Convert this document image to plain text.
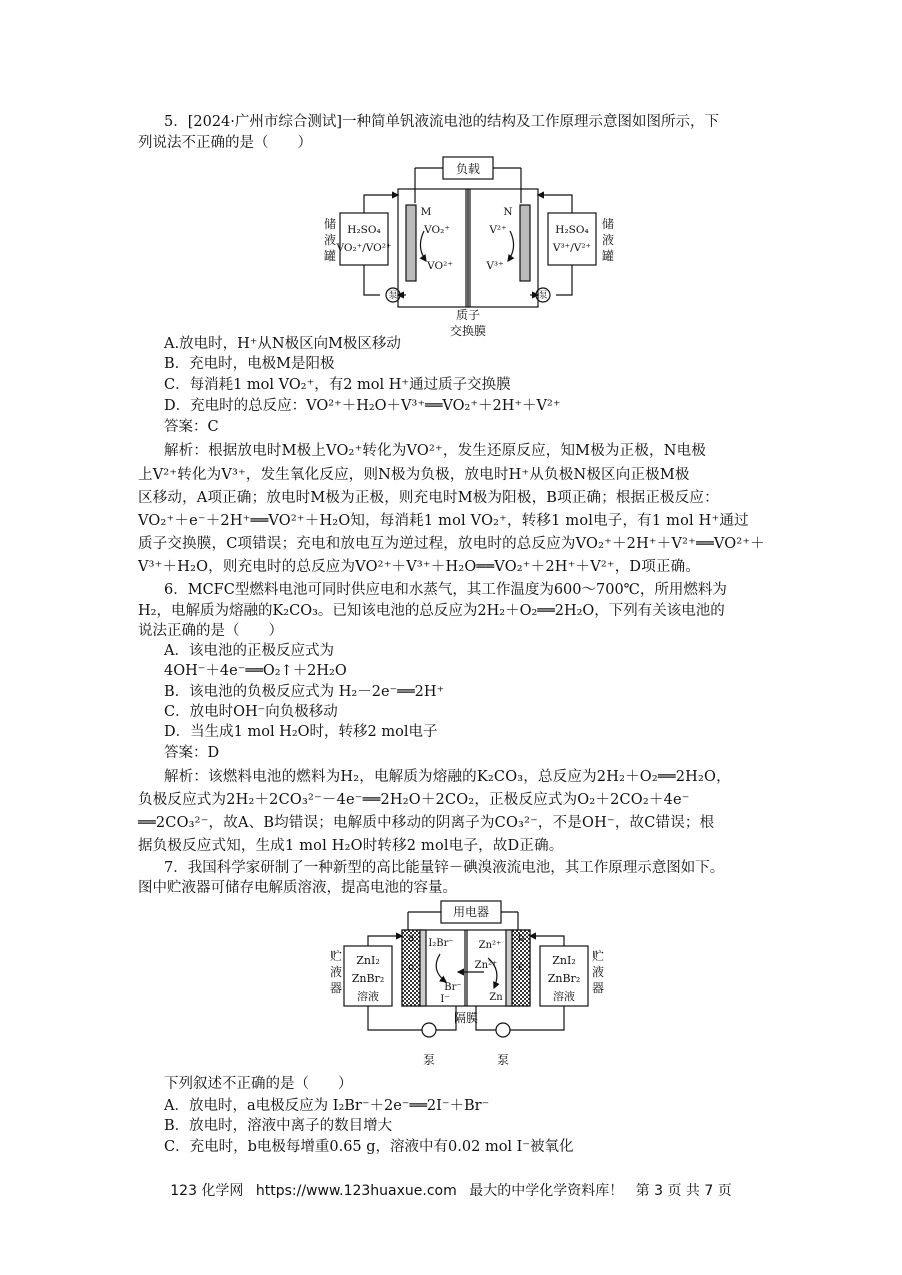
5．[2024·广州市综合测试]一种简单钒液流电池的结构及工作原理示意图如图所示，下
列说法不正确的是（　　）
负载
储
液
罐
储
液
罐
H₂SO₄
VO₂⁺/VO²⁺
H₂SO₄
V³⁺/V²⁺
M	N
VO₂⁺
VO²⁺
V²⁺
V³⁺
泵	泵
质子
交换膜
A.放电时，H⁺从N极区向M极区移动
B．充电时，电极M是阳极
C．每消耗1 mol VO₂⁺，有2 mol H⁺通过质子交换膜
D．充电时的总反应：VO²⁺＋H₂O＋V³⁺══VO₂⁺＋2H⁺＋V²⁺
答案：C
解析：根据放电时M极上VO₂⁺转化为VO²⁺，发生还原反应，知M极为正极，N电极
上V²⁺转化为V³⁺，发生氧化反应，则N极为负极，放电时H⁺从负极N极区向正极M极
区移动，A项正确；放电时M极为正极，则充电时M极为阳极，B项正确；根据正极反应：
VO₂⁺＋e⁻＋2H⁺══VO²⁺＋H₂O知，每消耗1 mol VO₂⁺，转移1 mol电子，有1 mol H⁺通过
质子交换膜，C项错误；充电和放电互为逆过程，放电时的总反应为VO₂⁺＋2H⁺＋V²⁺══VO²⁺＋
V³⁺＋H₂O，则充电时的总反应为VO²⁺＋V³⁺＋H₂O══VO₂⁺＋2H⁺＋V²⁺，D项正确。
6．MCFC型燃料电池可同时供应电和水蒸气，其工作温度为600～700℃，所用燃料为
H₂，电解质为熔融的K₂CO₃。已知该电池的总反应为2H₂＋O₂══2H₂O，下列有关该电池的
说法正确的是（　　）
A．该电池的正极反应式为
4OH⁻＋4e⁻══O₂↑＋2H₂O
B．该电池的负极反应式为 H₂－2e⁻══2H⁺
C．放电时OH⁻向负极移动
D．当生成1 mol H₂O时，转移2 mol电子
答案：D
解析：该燃料电池的燃料为H₂，电解质为熔融的K₂CO₃，总反应为2H₂＋O₂══2H₂O，
负极反应式为2H₂＋2CO₃²⁻－4e⁻══2H₂O＋2CO₂，正极反应式为O₂＋2CO₂＋4e⁻
══2CO₃²⁻，故A、B均错误；电解质中移动的阴离子为CO₃²⁻，不是OH⁻，故C错误；根
据负极反应式知，生成1 mol H₂O时转移2 mol电子，故D正确。
7．我国科学家研制了一种新型的高比能量锌－碘溴液流电池，其工作原理示意图如下。
图中贮液器可储存电解质溶液，提高电池的容量。
用电器
ZnI₂
ZnBr₂
溶液
ZnI₂
ZnBr₂
溶液
贮
液
器
贮
液
器
a	b
c	c
I₂Br⁻
Br⁻
I⁻
Zn²⁺
Zn²⁺
Zn
隔膜
泵	泵
下列叙述不正确的是（　　）
A．放电时，a电极反应为 I₂Br⁻＋2e⁻══2I⁻＋Br⁻
B．放电时，溶液中离子的数目增大
C．充电时，b电极每增重0.65 g，溶液中有0.02 mol I⁻被氧化
123 化学网 https://www.123huaxue.com 最大的中学化学资料库！ 第 3 页 共 7 页
